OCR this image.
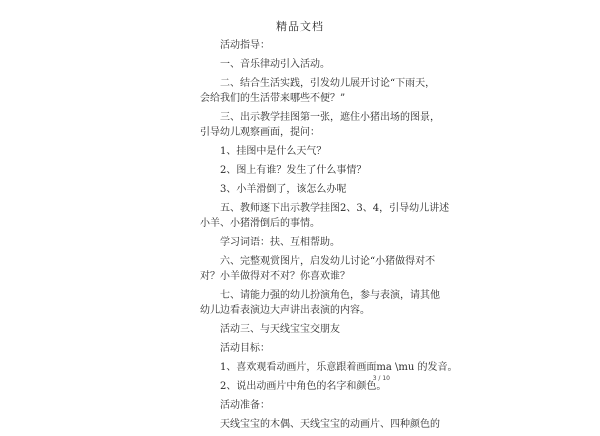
精品文档
活动指导：
一、音乐律动引入活动。
二、结合生活实践，引发幼儿展开讨论“下雨天，
会给我们的生活带来哪些不便？”
三、出示教学挂图第一张，遮住小猪出场的图景，
引导幼儿观察画面，提问：
1、挂图中是什么天气？
2、图上有谁？发生了什么事情？
3、小羊滑倒了，该怎么办呢
五、教师逐下出示教学挂图2、3、4，引导幼儿讲述
小羊、小猪滑倒后的事情。
学习词语：扶、互相帮助。
六、完整观赏图片，启发幼儿讨论“小猪做得对不
对？小羊做得对不对？你喜欢谁？
七、请能力强的幼儿扮演角色，参与表演，请其他
幼儿边看表演边大声讲出表演的内容。
活动三、与天线宝宝交朋友
活动目标：
1、喜欢观看动画片，乐意跟着画面ma \mu 的发音。
2、说出动画片中角色的名字和颜色。
活动准备：
天线宝宝的木偶、天线宝宝的动画片、四种颜色的
3 / 10
